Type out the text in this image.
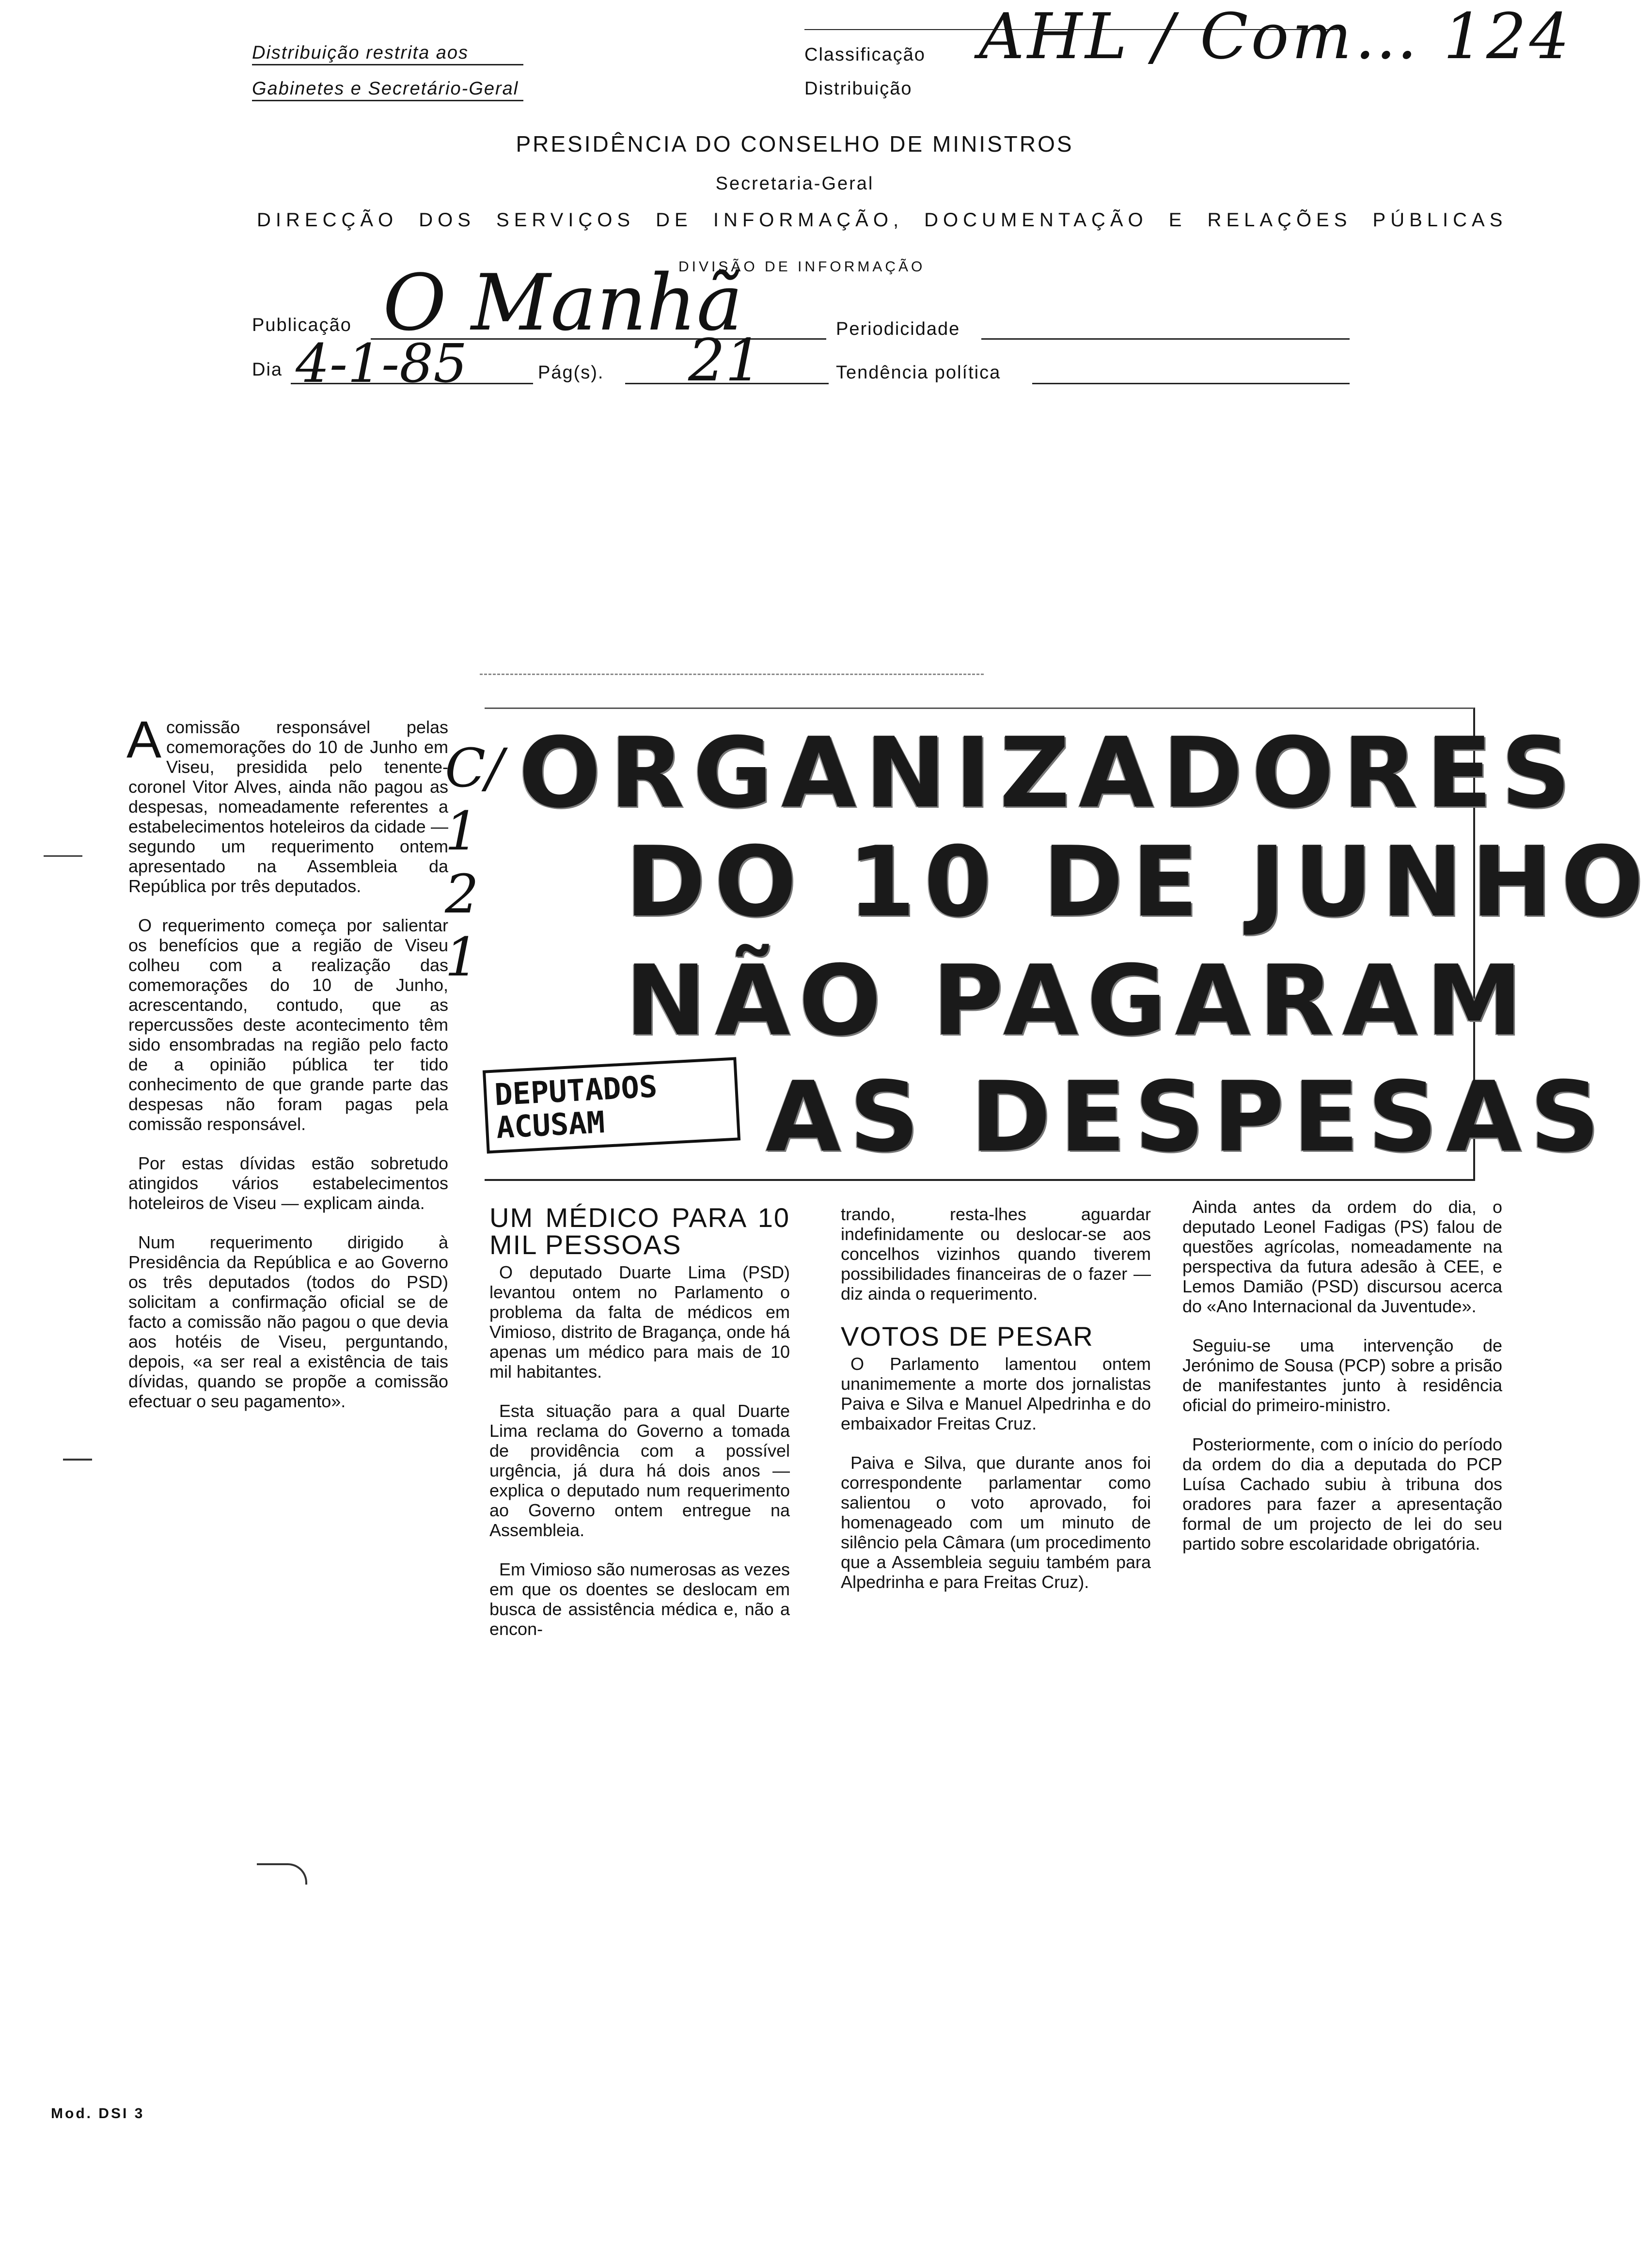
Distribuição restrita aos
Gabinetes e Secretário-Geral
Classificação
Distribuição
AHL / Com… 124
PRESIDÊNCIA DO CONSELHO DE MINISTROS
Secretaria-Geral
DIRECÇÃO DOS SERVIÇOS DE INFORMAÇÃO, DOCUMENTAÇÃO E RELAÇÕES PÚBLICAS
DIVISÃO DE INFORMAÇÃO
Publicação O Manhã	Periodicidade
Dia 4-1-85	Pág(s). 21	Tendência política
ORGANIZADORES
DO 10 DE JUNHO
NÃO PAGARAM
AS DESPESAS
DEPUTADOS
ACUSAM
C/1 21

Acomissão responsável pelas comemorações do 10 de Junho em Viseu, presidida pelo tenente-coronel Vitor Alves, ainda não pagou as despesas, nomeadamente referentes a estabelecimentos hoteleiros da cidade — segundo um requerimento ontem apresentado na Assembleia da República por três deputados.

O requerimento começa por salientar os benefícios que a região de Viseu colheu com a realização das comemorações do 10 de Junho, acrescentando, contudo, que as repercussões deste acontecimento têm sido ensombradas na região pelo facto de a opinião pública ter tido conhecimento de que grande parte das despesas não foram pagas pela comissão responsável.

Por estas dívidas estão sobretudo atingidos vários estabelecimentos hoteleiros de Viseu — explicam ainda.

Num requerimento dirigido à Presidência da República e ao Governo os três deputados (todos do PSD) solicitam a confirmação oficial se de facto a comissão não pagou o que devia aos hotéis de Viseu, perguntando, depois, «a ser real a existência de tais dívidas, quando se propõe a comissão efectuar o seu pagamento».

UM MÉDICO PARA 10 MIL PESSOAS

O deputado Duarte Lima (PSD) levantou ontem no Parlamento o problema da falta de médicos em Vimioso, distrito de Bragança, onde há apenas um médico para mais de 10 mil habitantes.

Esta situação para a qual Duarte Lima reclama do Governo a tomada de providência com a possível urgência, já dura há dois anos — explica o deputado num requerimento ao Governo ontem entregue na Assembleia.

Em Vimioso são numerosas as vezes em que os doentes se deslocam em busca de assistência médica e, não a encon-

trando, resta-lhes aguardar indefinidamente ou deslocar-se aos concelhos vizinhos quando tiverem possibilidades financeiras de o fazer — diz ainda o requerimento.

VOTOS DE PESAR

O Parlamento lamentou ontem unanimemente a morte dos jornalistas Paiva e Silva e Manuel Alpedrinha e do embaixador Freitas Cruz.

Paiva e Silva, que durante anos foi correspondente parlamentar como salientou o voto aprovado, foi homenageado com um minuto de silêncio pela Câmara (um procedimento que a Assembleia seguiu também para Alpedrinha e para Freitas Cruz).

Ainda antes da ordem do dia, o deputado Leonel Fadigas (PS) falou de questões agrícolas, nomeadamente na perspectiva da futura adesão à CEE, e Lemos Damião (PSD) discursou acerca do «Ano Internacional da Juventude».

Seguiu-se uma intervenção de Jerónimo de Sousa (PCP) sobre a prisão de manifestantes junto à residência oficial do primeiro-ministro.

Posteriormente, com o início do período da ordem do dia a deputada do PCP Luísa Cachado subiu à tribuna dos oradores para fazer a apresentação formal de um projecto de lei do seu partido sobre escolaridade obrigatória.

Mod. DSI 3
